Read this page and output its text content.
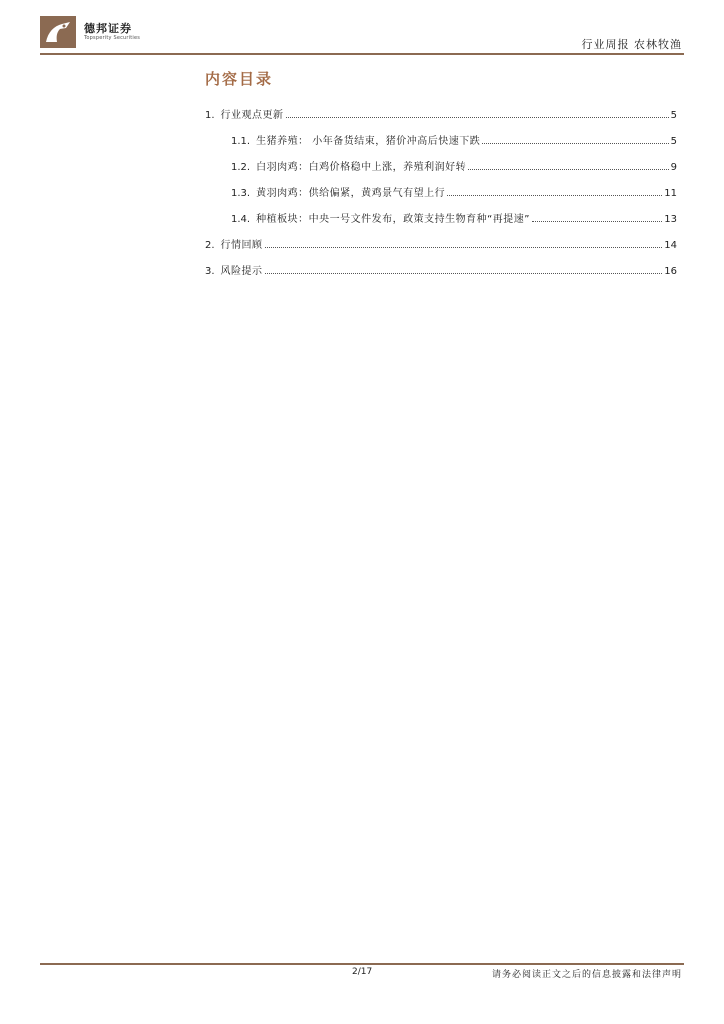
德邦证券
Topsperity Securities	行业周报 农林牧渔
内容目录
1. 行业观点更新	5
1.1. 生猪养殖： 小年备货结束，猪价冲高后快速下跌	5
1.2. 白羽肉鸡：白鸡价格稳中上涨，养殖利润好转	9
1.3. 黄羽肉鸡：供给偏紧，黄鸡景气有望上行	11
1.4. 种植板块：中央一号文件发布，政策支持生物育种“再提速”	13
2. 行情回顾	14
3. 风险提示	16
2/17	请务必阅读正文之后的信息披露和法律声明
